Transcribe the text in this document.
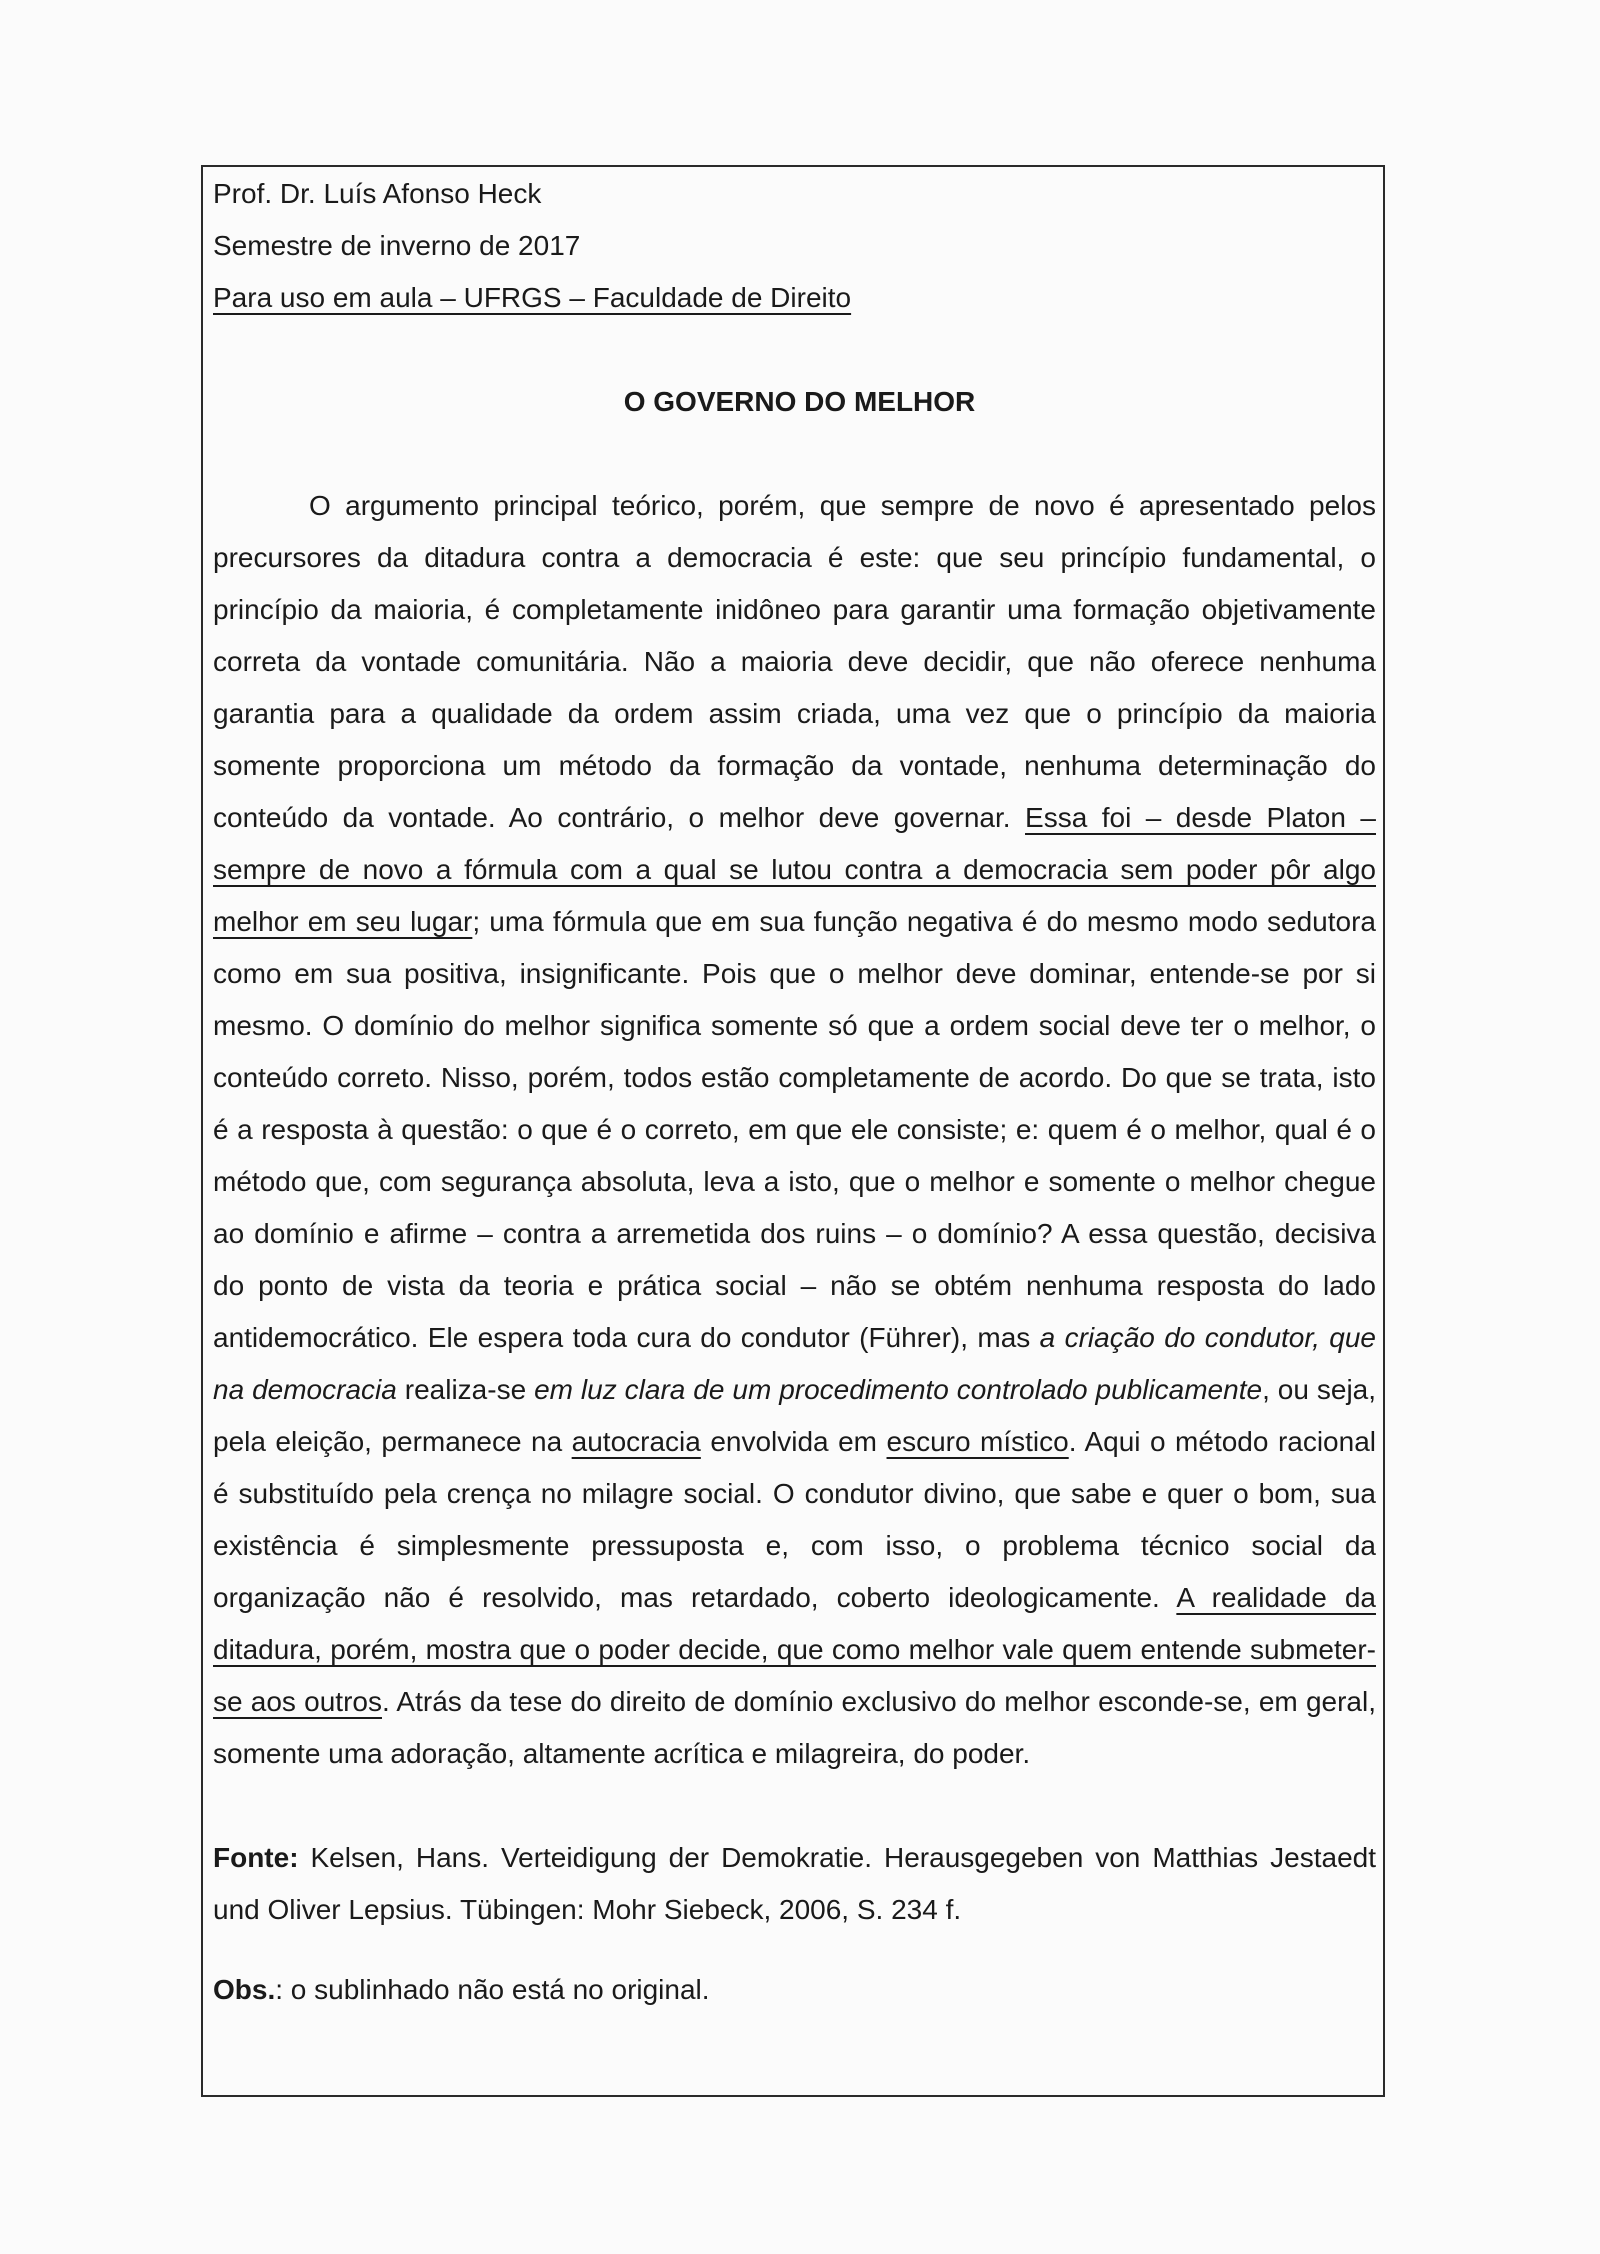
Prof. Dr. Luís Afonso Heck

Semestre de inverno de 2017

Para uso em aula – UFRGS – Faculdade de Direito

O GOVERNO DO MELHOR

O argumento principal teórico, porém, que sempre de novo é apresentado pelos precursores da ditadura contra a democracia é este: que seu princípio fundamental, o princípio da maioria, é completamente inidôneo para garantir uma formação objetivamente correta da vontade comunitária. Não a maioria deve decidir, que não oferece nenhuma garantia para a qualidade da ordem assim criada, uma vez que o princípio da maioria somente proporciona um método da formação da vontade, nenhuma determinação do conteúdo da vontade. Ao contrário, o melhor deve governar. Essa foi – desde Platon – sempre de novo a fórmula com a qual se lutou contra a democracia sem poder pôr algo melhor em seu lugar; uma fórmula que em sua função negativa é do mesmo modo sedutora como em sua positiva, insignificante. Pois que o melhor deve dominar, entende-se por si mesmo. O domínio do melhor significa somente só que a ordem social deve ter o melhor, o conteúdo correto. Nisso, porém, todos estão completamente de acordo. Do que se trata, isto é a resposta à questão: o que é o correto, em que ele consiste; e: quem é o melhor, qual é o método que, com segurança absoluta, leva a isto, que o melhor e somente o melhor chegue ao domínio e afirme – contra a arremetida dos ruins – o domínio? A essa questão, decisiva do ponto de vista da teoria e prática social – não se obtém nenhuma resposta do lado antidemocrático. Ele espera toda cura do condutor (Führer), mas a criação do condutor, que na democracia realiza-se em luz clara de um procedimento controlado publicamente, ou seja, pela eleição, permanece na autocracia envolvida em escuro místico. Aqui o método racional é substituído pela crença no milagre social. O condutor divino, que sabe e quer o bom, sua existência é simplesmente pressuposta e, com isso, o problema técnico social da organização não é resolvido, mas retardado, coberto ideologicamente. A realidade da ditadura, porém, mostra que o poder decide, que como melhor vale quem entende submeter-se aos outros. Atrás da tese do direito de domínio exclusivo do melhor esconde-se, em geral, somente uma adoração, altamente acrítica e milagreira, do poder.

Fonte: Kelsen, Hans. Verteidigung der Demokratie. Herausgegeben von Matthias Jestaedt und Oliver Lepsius. Tübingen: Mohr Siebeck, 2006, S. 234 f.

Obs.: o sublinhado não está no original.
